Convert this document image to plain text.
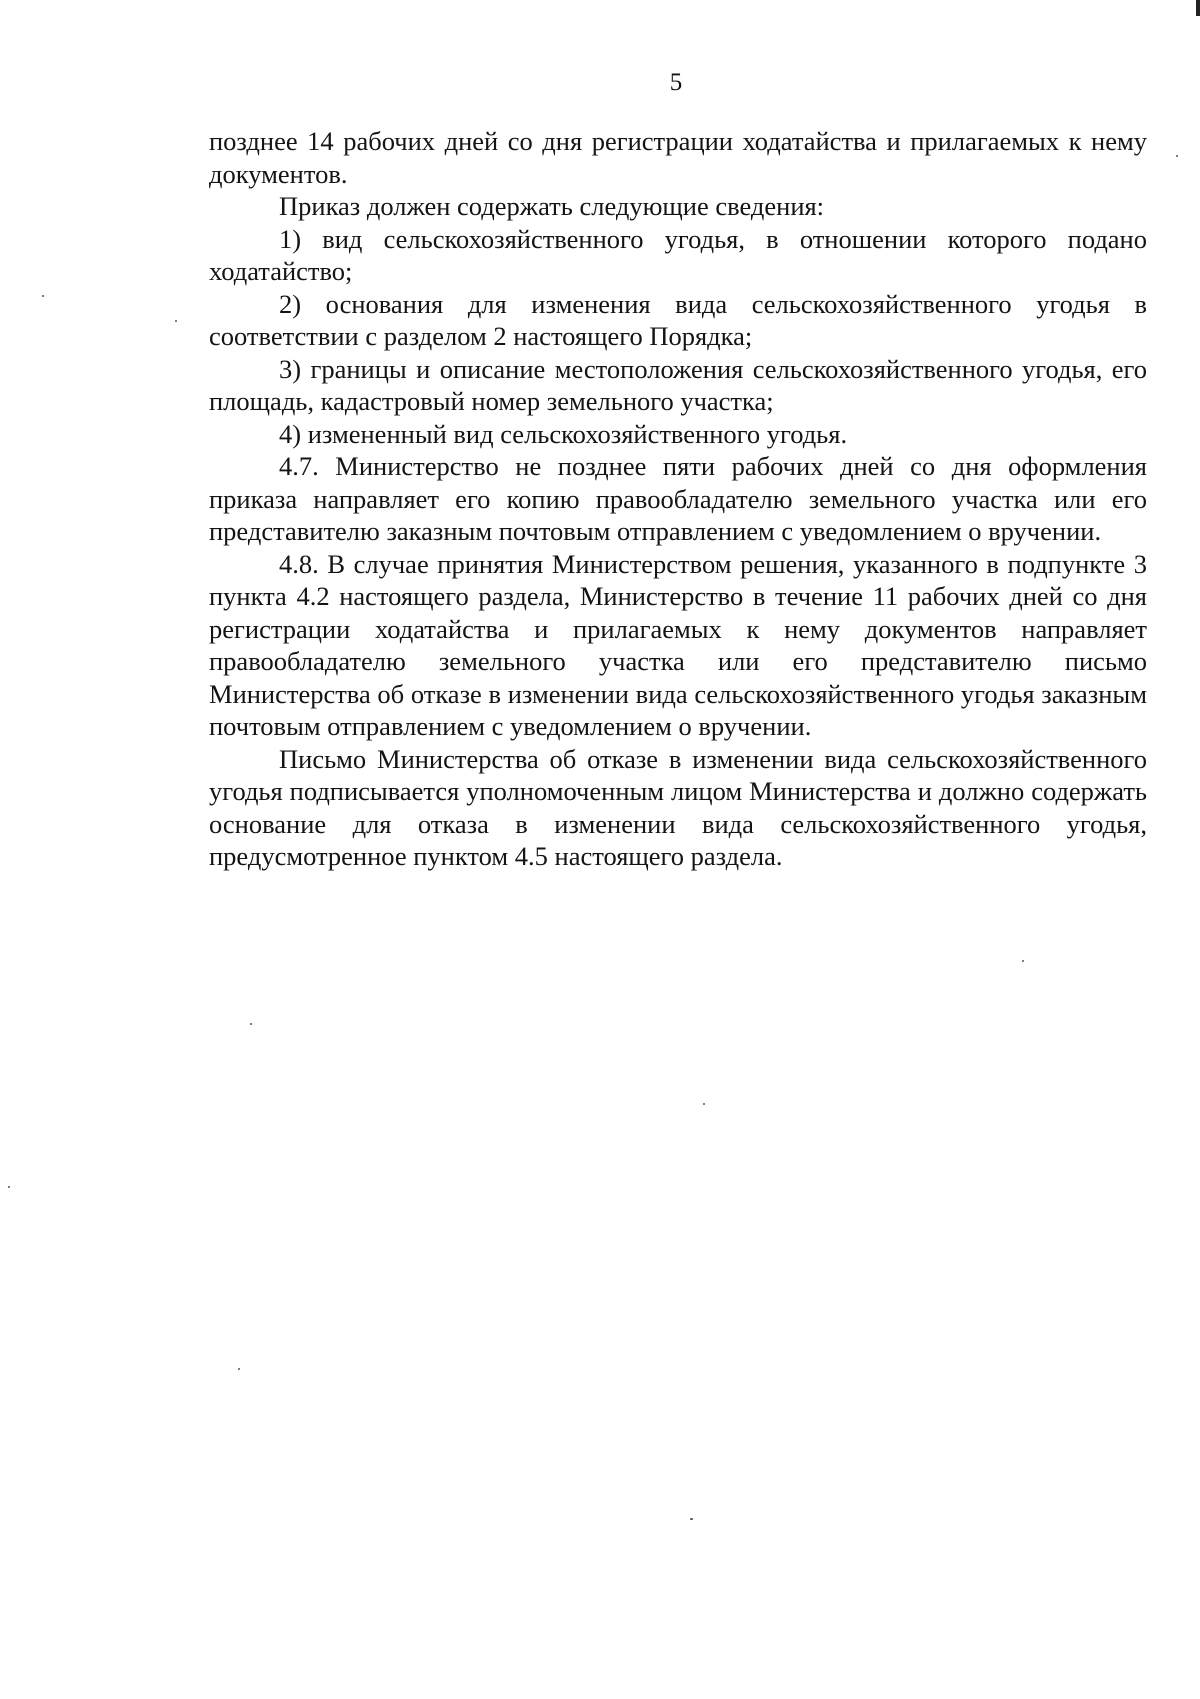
5

позднее 14 рабочих дней со дня регистрации ходатайства и прилагаемых к нему документов.

Приказ должен содержать следующие сведения:

1) вид сельскохозяйственного угодья, в отношении которого подано ходатайство;

2) основания для изменения вида сельскохозяйственного угодья в соответствии с разделом 2 настоящего Порядка;

3) границы и описание местоположения сельскохозяйственного угодья, его площадь, кадастровый номер земельного участка;

4) измененный вид сельскохозяйственного угодья.

4.7. Министерство не позднее пяти рабочих дней со дня оформления приказа направляет его копию правообладателю земельного участка или его представителю заказным почтовым отправлением с уведомлением о вручении.

4.8. В случае принятия Министерством решения, указанного в подпункте 3 пункта 4.2 настоящего раздела, Министерство в течение 11 рабочих дней со дня регистрации ходатайства и прилагаемых к нему документов направляет правообладателю земельного участка или его представителю письмо Министерства об отказе в изменении вида сельскохозяйственного угодья заказным почтовым отправлением с уведомлением о вручении.

Письмо Министерства об отказе в изменении вида сельскохозяйственного угодья подписывается уполномоченным лицом Министерства и должно содержать основание для отказа в изменении вида сельскохозяйственного угодья, предусмотренное пунктом 4.5 настоящего раздела.
